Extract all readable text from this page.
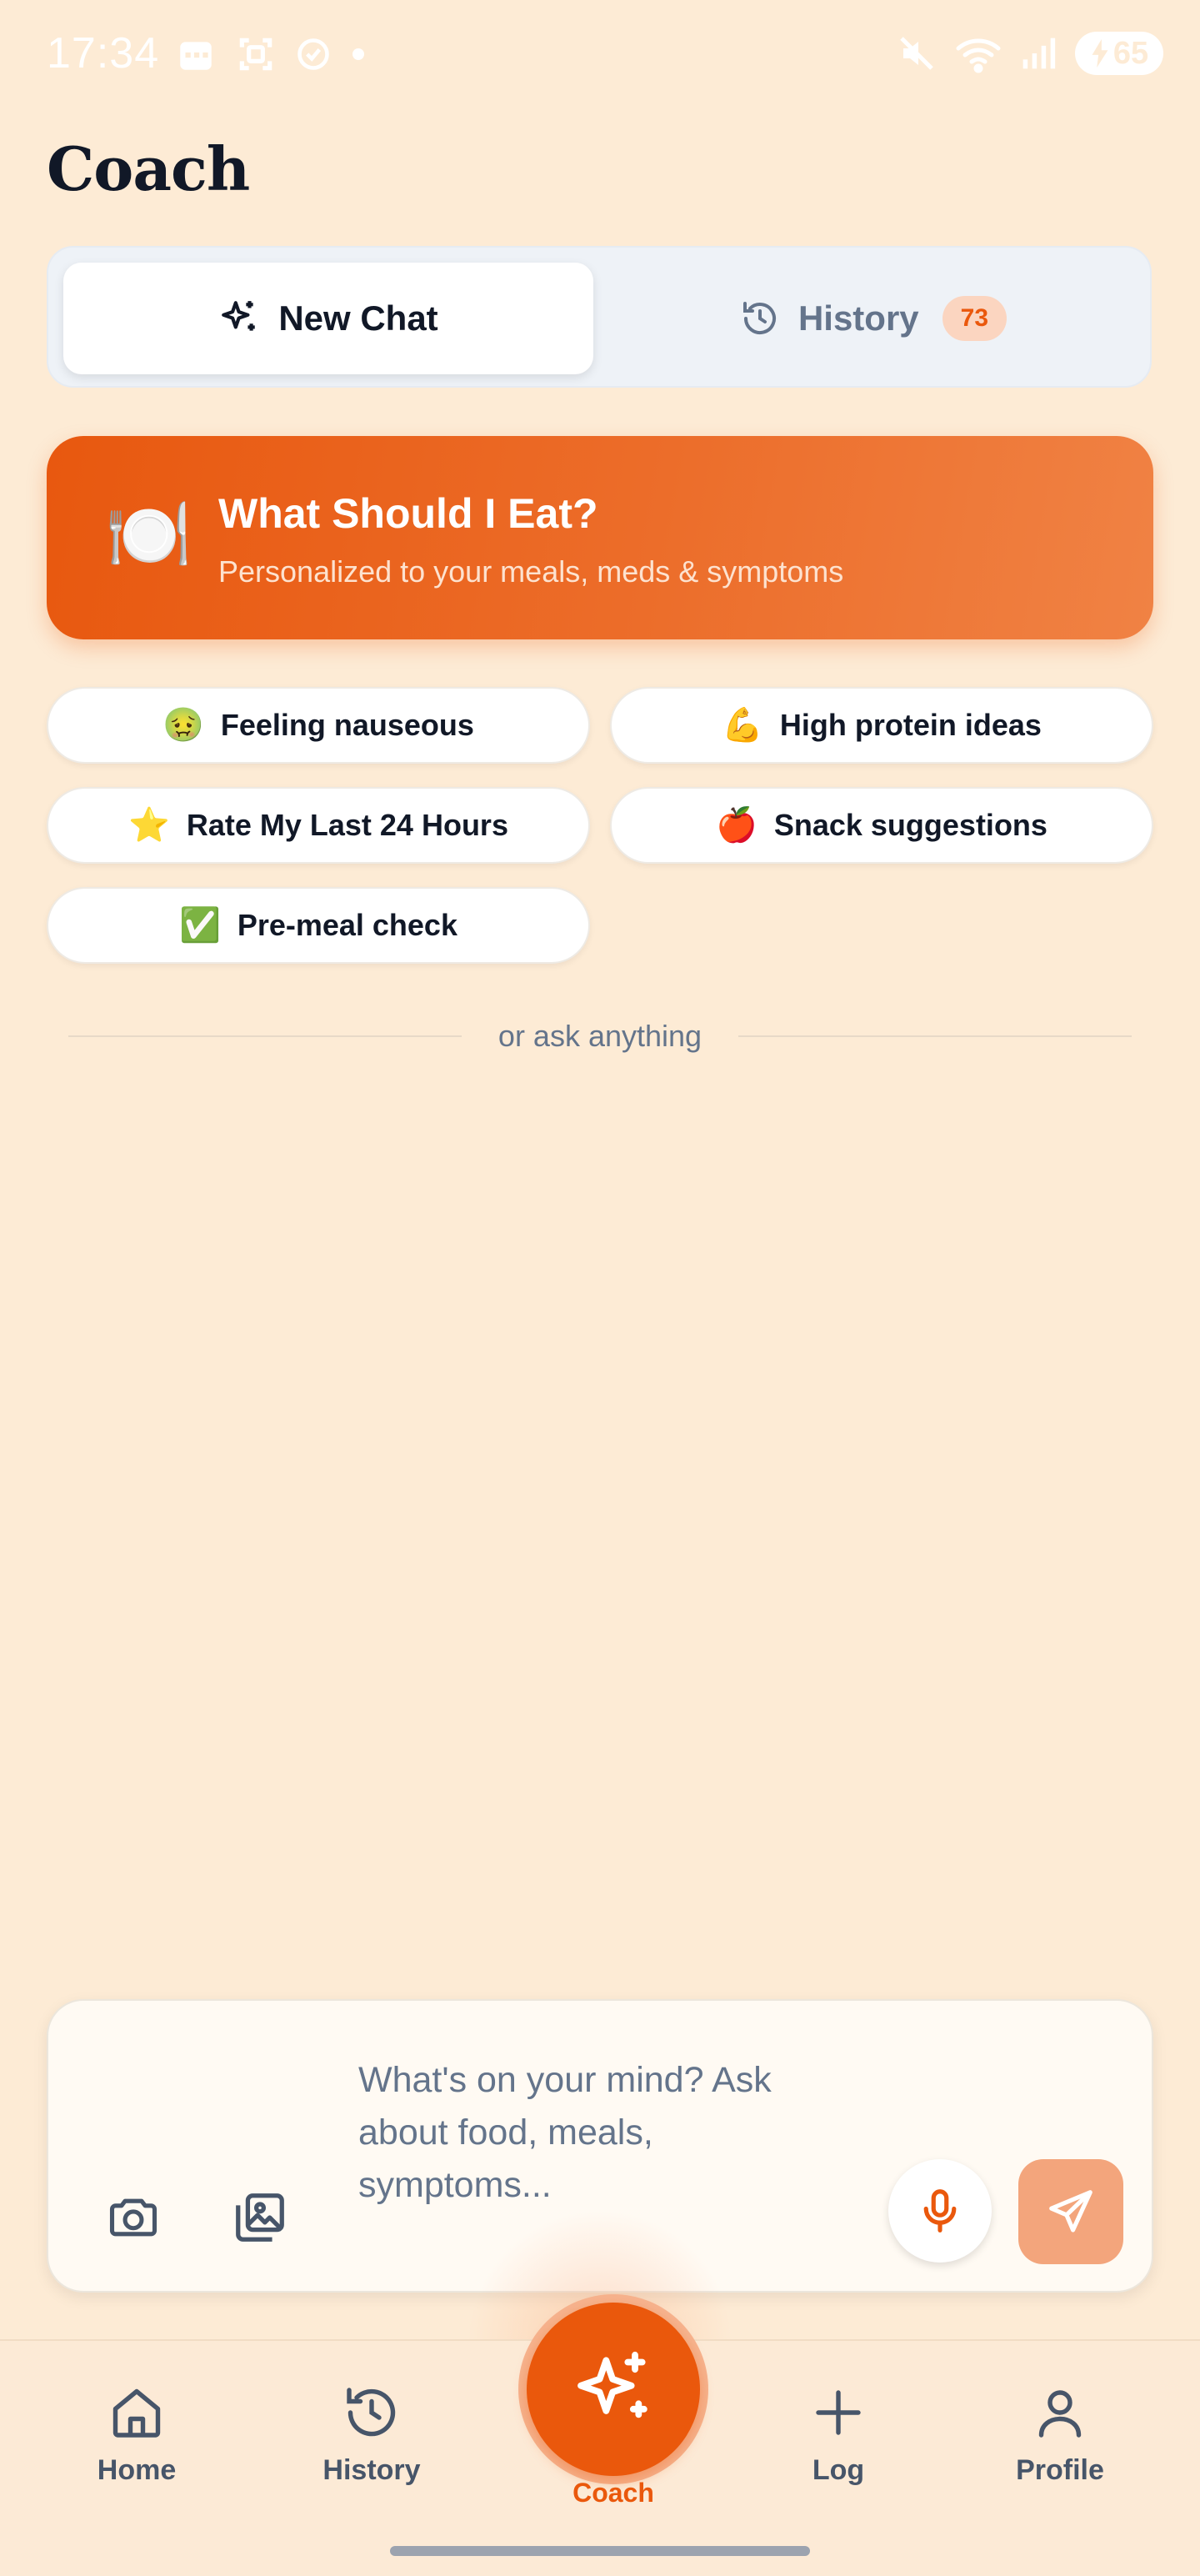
17:34	65
Coach
New Chat	History	73
🍽️ What Should I Eat?
Personalized to your meals, meds & symptoms
🤢 Feeling nauseous	💪 High protein ideas
⭐ Rate My Last 24 Hours	🍎 Snack suggestions
✅ Pre-meal check
or ask anything
What's on your mind? Ask about food, meals, symptoms...
Home	History	Log	Profile
Coach
